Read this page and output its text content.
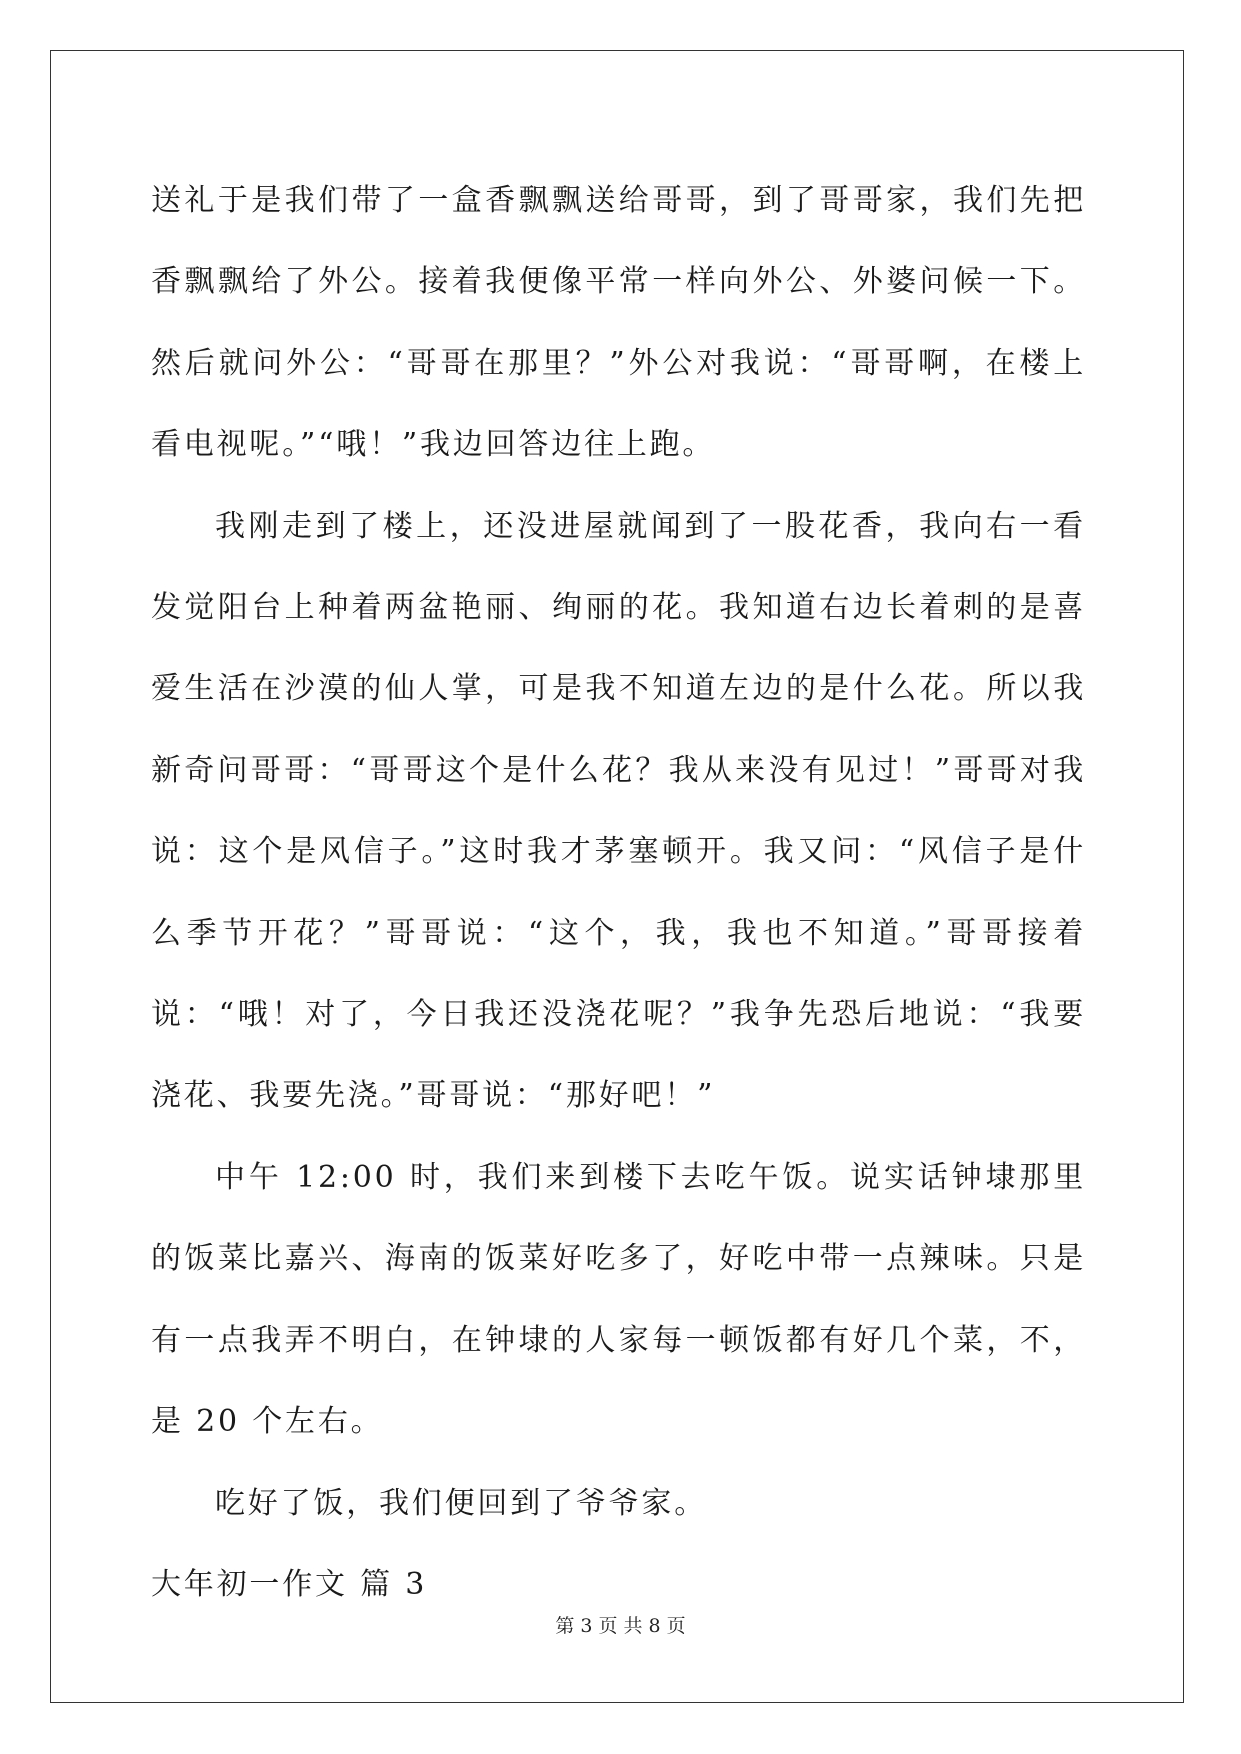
送礼于是我们带了一盒香飘飘送给哥哥，到了哥哥家，我们先把香飘飘给了外公。接着我便像平常一样向外公、外婆问候一下。然后就问外公：“哥哥在那里？”外公对我说：“哥哥啊，在楼上看电视呢。”“哦！”我边回答边往上跑。

我刚走到了楼上，还没进屋就闻到了一股花香，我向右一看发觉阳台上种着两盆艳丽、绚丽的花。我知道右边长着刺的是喜爱生活在沙漠的仙人掌，可是我不知道左边的是什么花。所以我新奇问哥哥：“哥哥这个是什么花？我从来没有见过！”哥哥对我说：这个是风信子。”这时我才茅塞顿开。我又问：“风信子是什么季节开花？”哥哥说：“这个，我，我也不知道。”哥哥接着说：“哦！对了，今日我还没浇花呢？”我争先恐后地说：“我要浇花、我要先浇。”哥哥说：“那好吧！”

中午 12:00 时，我们来到楼下去吃午饭。说实话钟埭那里的饭菜比嘉兴、海南的饭菜好吃多了，好吃中带一点辣味。只是有一点我弄不明白，在钟埭的人家每一顿饭都有好几个菜，不，是 20 个左右。

吃好了饭，我们便回到了爷爷家。

大年初一作文 篇 3

第 3 页 共 8 页
